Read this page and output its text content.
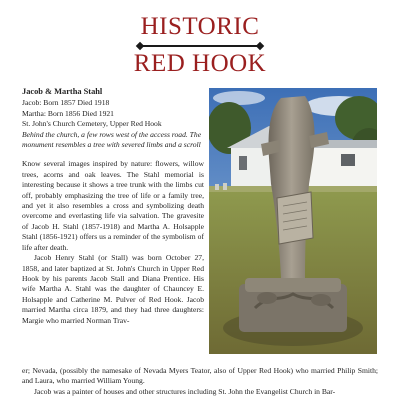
HISTORIC
RED HOOK
Jacob & Martha Stahl
Jacob: Born 1857 Died 1918
Martha: Born 1856 Died 1921
St. John's Church Cemetery, Upper Red Hook
Behind the church, a few rows west of the access road. The monument resembles a tree with severed limbs and a scroll

Know several images inspired by nature: flowers, willow trees, acorns and oak leaves. The Stahl memorial is interesting because it shows a tree trunk with the limbs cut off, probably emphasizing the tree of life or a family tree, and yet it also resembles a cross and symbolizing death overcome and everlasting life via salvation. The gravesite of Jacob H. Stahl (1857-1918) and Martha A. Holsapple Stahl (1856-1921) offers us a reminder of the symbolism of life after death.

Jacob Henry Stahl (or Stall) was born October 27, 1858, and later baptized at St. John's Church in Upper Red Hook by his parents Jacob Stall and Diana Prentice. His wife Martha A. Stahl was the daughter of Chauncey E. Holsapple and Catherine M. Pulver of Red Hook. Jacob married Martha circa 1879, and they had three daughters: Margie who married Norman Trav-

er; Nevada, (possibly the namesake of Nevada Myers Teator, also of Upper Red Hook) who married Philip Smith; and Laura, who married William Young.

Jacob was a painter of houses and other structures including St. John the Evangelist Church in Bar-
